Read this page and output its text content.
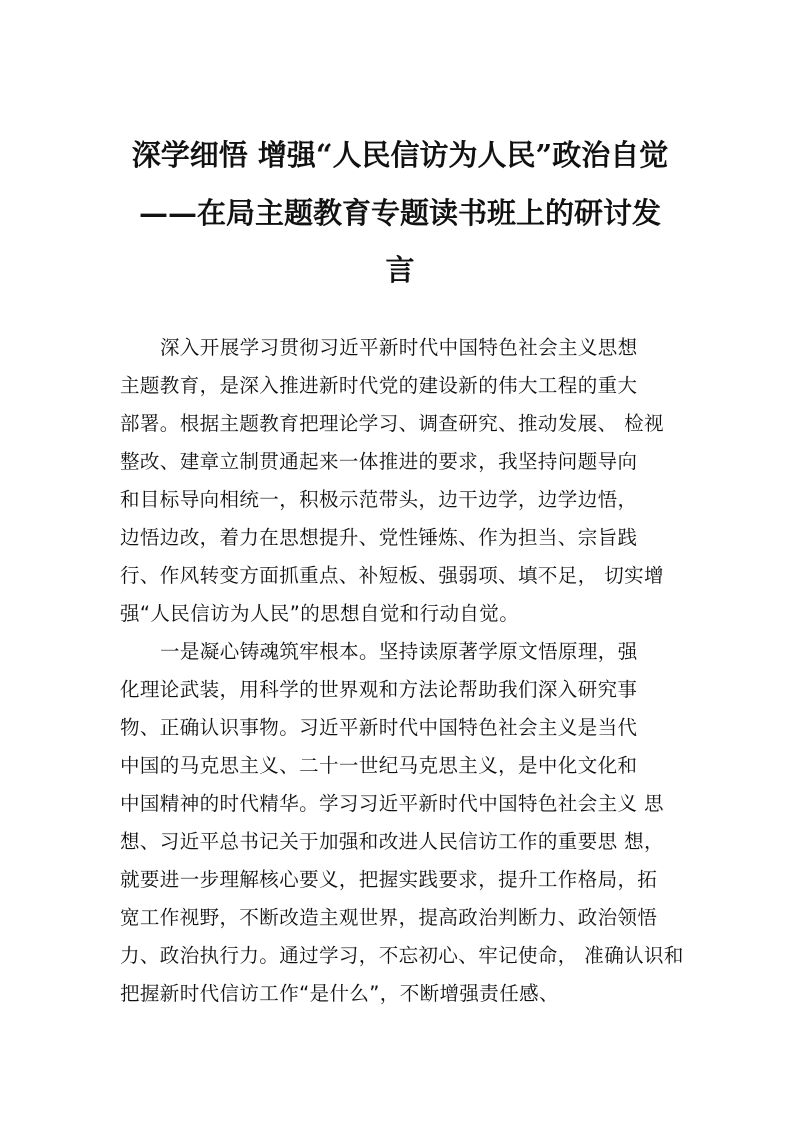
深学细悟 增强“人民信访为人民”政治自觉
——在局主题教育专题读书班上的研讨发
言
深入开展学习贯彻习近平新时代中国特色社会主义思想
主题教育，是深入推进新时代党的建设新的伟大工程的重大
部署。根据主题教育把理论学习、调查研究、推动发展、 检视
整改、建章立制贯通起来一体推进的要求，我坚持问题导向
和目标导向相统一，积极示范带头，边干边学，边学边悟，
边悟边改，着力在思想提升、党性锤炼、作为担当、宗旨践
行、作风转变方面抓重点、补短板、强弱项、填不足， 切实增
强“人民信访为人民”的思想自觉和行动自觉。
一是凝心铸魂筑牢根本。坚持读原著学原文悟原理，强
化理论武装，用科学的世界观和方法论帮助我们深入研究事
物、正确认识事物。习近平新时代中国特色社会主义是当代
中国的马克思主义、二十一世纪马克思主义，是中化文化和
中国精神的时代精华。学习习近平新时代中国特色社会主义 思
想、习近平总书记关于加强和改进人民信访工作的重要思 想，
就要进一步理解核心要义，把握实践要求，提升工作格局，拓
宽工作视野，不断改造主观世界，提高政治判断力、政治领悟
力、政治执行力。通过学习，不忘初心、牢记使命， 准确认识和
把握新时代信访工作“是什么”，不断增强责任感、
